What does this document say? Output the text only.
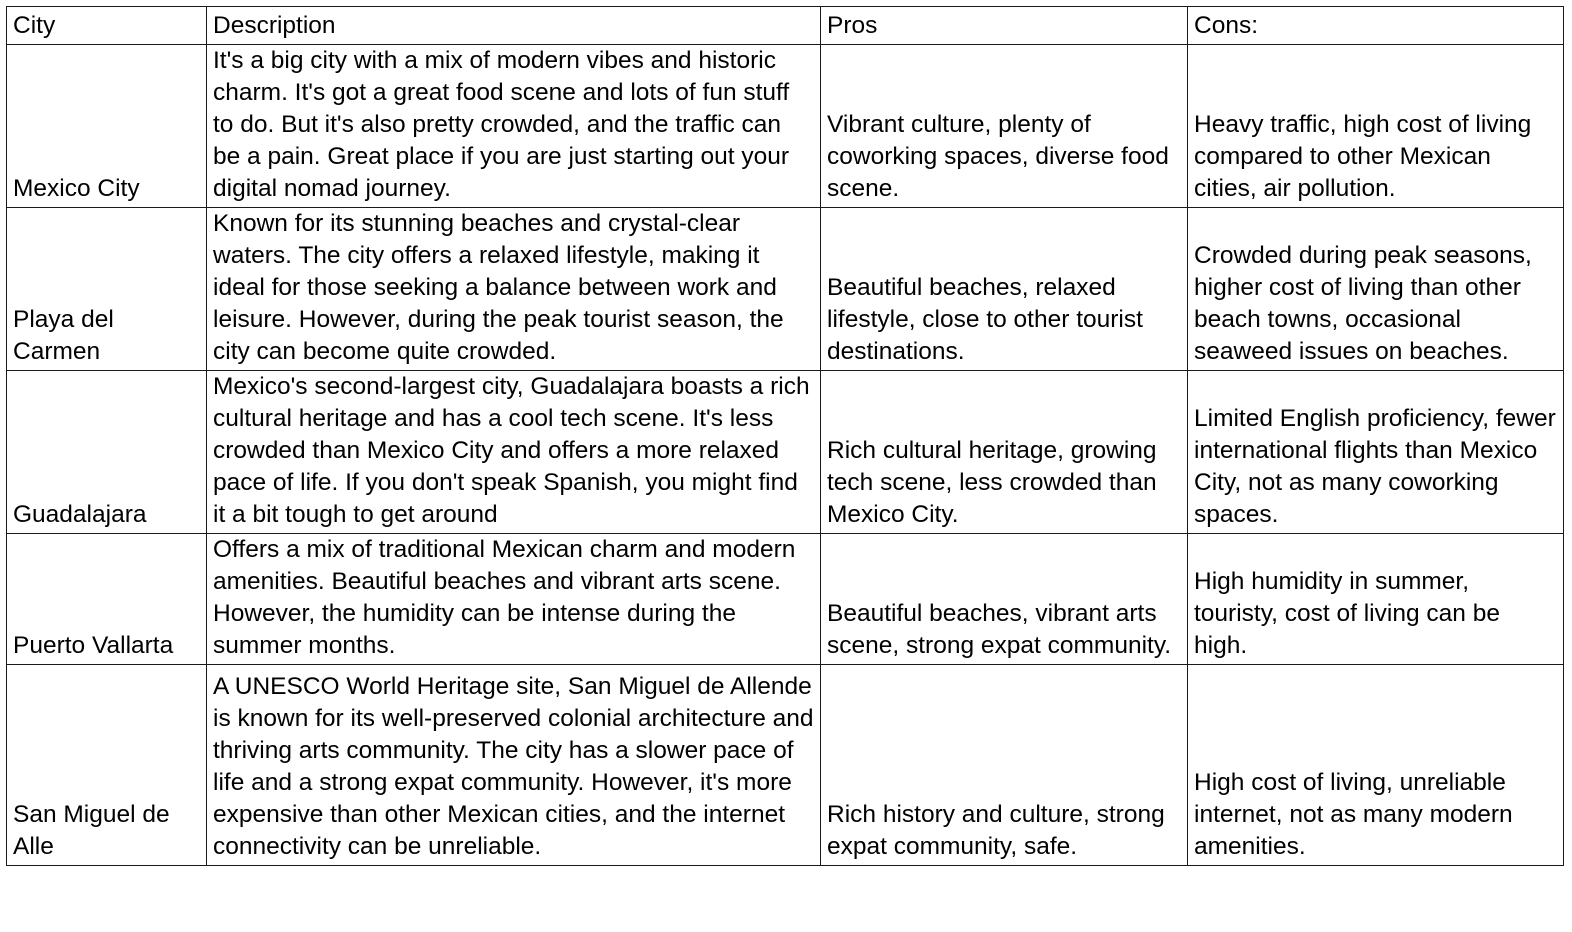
City	Description	Pros	Cons:

Mexico City	It's a big city with a mix of modern vibes and historic charm. It's got a great food scene and lots of fun stuff to do. But it's also pretty crowded, and the traffic can be a pain. Great place if you are just starting out your digital nomad journey.	Vibrant culture, plenty of coworking spaces, diverse food scene.	Heavy traffic, high cost of living compared to other Mexican cities, air pollution.

Playa del Carmen	Known for its stunning beaches and crystal-clear waters. The city offers a relaxed lifestyle, making it ideal for those seeking a balance between work and leisure. However, during the peak tourist season, the city can become quite crowded.	Beautiful beaches, relaxed lifestyle, close to other tourist destinations.	Crowded during peak seasons, higher cost of living than other beach towns, occasional seaweed issues on beaches.

Guadalajara	Mexico's second-largest city, Guadalajara boasts a rich cultural heritage and has a cool tech scene. It's less crowded than Mexico City and offers a more relaxed pace of life. If you don't speak Spanish, you might find it a bit tough to get around	Rich cultural heritage, growing tech scene, less crowded than Mexico City.	Limited English proficiency, fewer international flights than Mexico City, not as many coworking spaces.

Puerto Vallarta	Offers a mix of traditional Mexican charm and modern amenities. Beautiful beaches and vibrant arts scene. However, the humidity can be intense during the summer months.	Beautiful beaches, vibrant arts scene, strong expat community.	High humidity in summer, touristy, cost of living can be high.

San Miguel de Alle	A UNESCO World Heritage site, San Miguel de Allende is known for its well-preserved colonial architecture and thriving arts community. The city has a slower pace of life and a strong expat community. However, it's more expensive than other Mexican cities, and the internet connectivity can be unreliable.	Rich history and culture, strong expat community, safe.	High cost of living, unreliable internet, not as many modern amenities.
